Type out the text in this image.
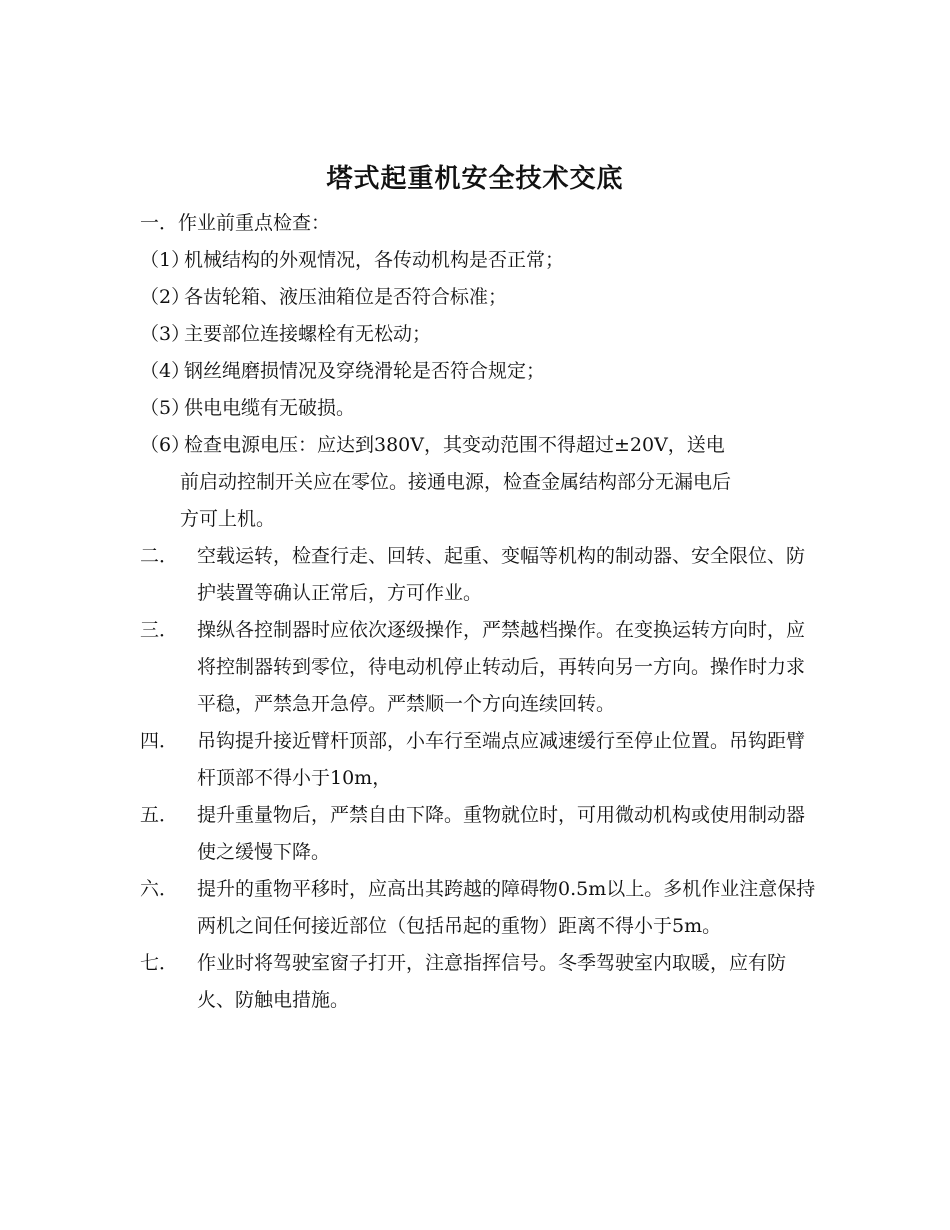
塔式起重机安全技术交底
一．作业前重点检查：
（1）
机械结构的外观情况，各传动机构是否正常；
（2）
各齿轮箱、液压油箱位是否符合标准；
（3）
主要部位连接螺栓有无松动；
（4）
钢丝绳磨损情况及穿绕滑轮是否符合规定；
（5）
供电电缆有无破损。
（6）
检查电源电压：应达到380V，其变动范围不得超过±20V，送电
前启动控制开关应在零位。接通电源，检查金属结构部分无漏电后
方可上机。
二． 空载运转，检查行走、回转、起重、变幅等机构的制动器、安全限位、防护装置等确认正常后，方可作业。
三． 操纵各控制器时应依次逐级操作，严禁越档操作。在变换运转方向时，应将控制器转到零位，待电动机停止转动后，再转向另一方向。操作时力求平稳，严禁急开急停。严禁顺一个方向连续回转。
四． 吊钩提升接近臂杆顶部，小车行至端点应减速缓行至停止位置。吊钩距臂杆顶部不得小于10m，
五． 提升重量物后，严禁自由下降。重物就位时，可用微动机构或使用制动器使之缓慢下降。
六． 提升的重物平移时，应高出其跨越的障碍物0.5m以上。多机作业注意保持两机之间任何接近部位（包括吊起的重物）距离不得小于5m。
七． 作业时将驾驶室窗子打开，注意指挥信号。冬季驾驶室内取暖，应有防火、防触电措施。
